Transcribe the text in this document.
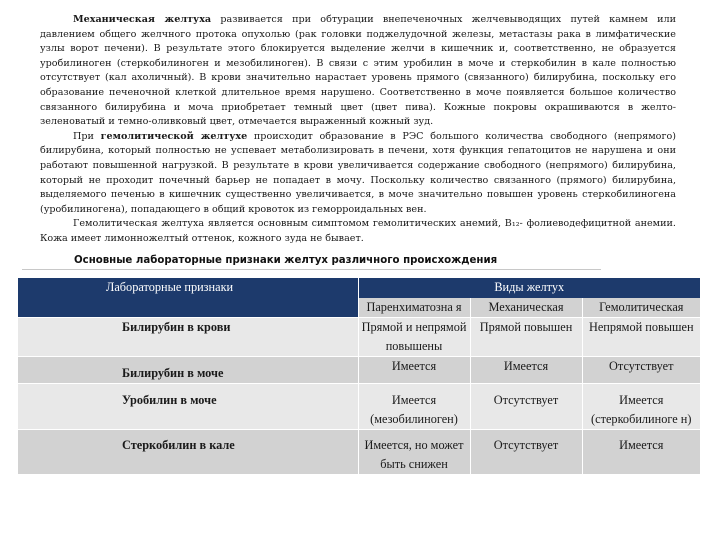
Механическая желтуха развивается при обтурации внепеченочных желчевыводящих путей камнем или давлением общего желчного протока опухолью (рак головки поджелудочной железы, метастазы рака в лимфатические узлы ворот печени). В результате этого блокируется выделение желчи в кишечник и, соответственно, не образуется уробилиноген (стеркобилиноген и мезобилиноген). В связи с этим уробилин в моче и стеркобилин в кале полностью отсутствует (кал ахоличный). В крови значительно нарастает уровень прямого (связанного) билирубина, поскольку его образование печеночной клеткой длительное время нарушено. Соответственно в моче появляется большое количество связанного билирубина и моча приобретает темный цвет (цвет пива). Кожные покровы окрашиваются в желто- зеленоватый и темно-оливковый цвет, отмечается выраженный кожный зуд.

При гемолитической желтухе происходит образование в РЭС большого количества свободного (непрямого) билирубина, который полностью не успевает метаболизировать в печени, хотя функция гепатоцитов не нарушена и они работают повышенной нагрузкой. В результате в крови увеличивается содержание свободного (непрямого) билирубина, который не проходит почечный барьер не попадает в мочу. Поскольку количество связанного (прямого) билирубина, выделяемого печенью в кишечник существенно увеличивается, в моче значительно повышен уровень стеркобилиногена (уробилиногена), попадающего в общий кровоток из геморроидальных вен.

Гемолитическая желтуха является основным симптомом гемолитических анемий, В₁₂- фолиеводефицитной анемии. Кожа имеет лимонножелтый оттенок, кожного зуда не бывает.

Основные лабораторные признаки желтух различного происхождения
Лабораторные признаки	Виды желтух		
	Паренхиматозна я	Механическая	Гемолитическая
Билирубин в крови	Прямой и непрямой повышены	Прямой повышен	Непрямой повышен
Билирубин в моче	Имеется	Имеется	Отсутствует
Уробилин в моче	Имеется (мезобилиноген)	Отсутствует	Имеется (стеркобилиноге н)
Стеркобилин в кале	Имеется, но может быть снижен	Отсутствует	Имеется
